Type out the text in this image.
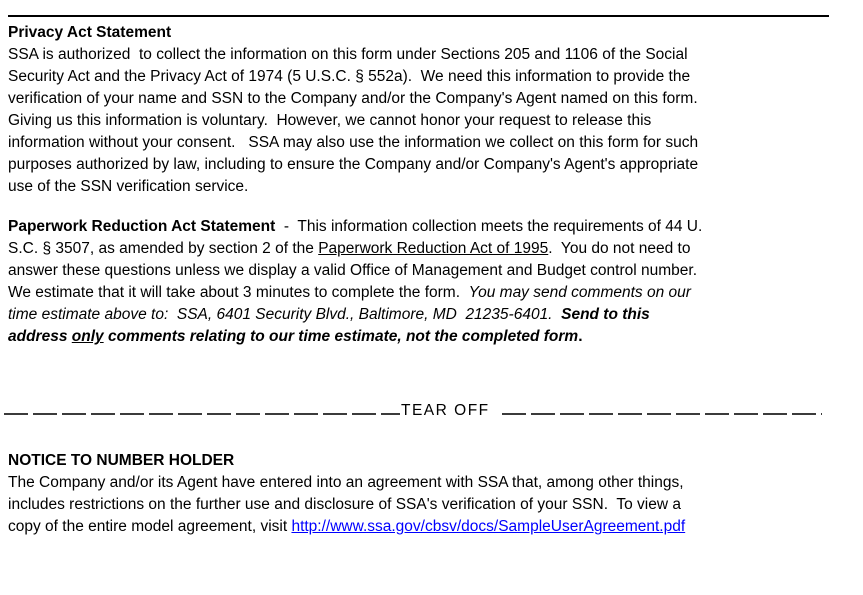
Privacy Act Statement
SSA is authorized  to collect the information on this form under Sections 205 and 1106 of the Social
Security Act and the Privacy Act of 1974 (5 U.S.C. § 552a).  We need this information to provide the
verification of your name and SSN to the Company and/or the Company's Agent named on this form.
Giving us this information is voluntary.  However, we cannot honor your request to release this
information without your consent.   SSA may also use the information we collect on this form for such
purposes authorized by law, including to ensure the Company and/or Company's Agent's appropriate
use of the SSN verification service.
Paperwork Reduction Act Statement  -  This information collection meets the requirements of 44 U.
S.C. § 3507, as amended by section 2 of the Paperwork Reduction Act of 1995.  You do not need to
answer these questions unless we display a valid Office of Management and Budget control number.
We estimate that it will take about 3 minutes to complete the form.  You may send comments on our
time estimate above to:  SSA, 6401 Security Blvd., Baltimore, MD  21235-6401.  Send to this
address only comments relating to our time estimate, not the completed form.
TEAR OFF
NOTICE TO NUMBER HOLDER
The Company and/or its Agent have entered into an agreement with SSA that, among other things,
includes restrictions on the further use and disclosure of SSA's verification of your SSN.  To view a
copy of the entire model agreement, visit http://www.ssa.gov/cbsv/docs/SampleUserAgreement.pdf
